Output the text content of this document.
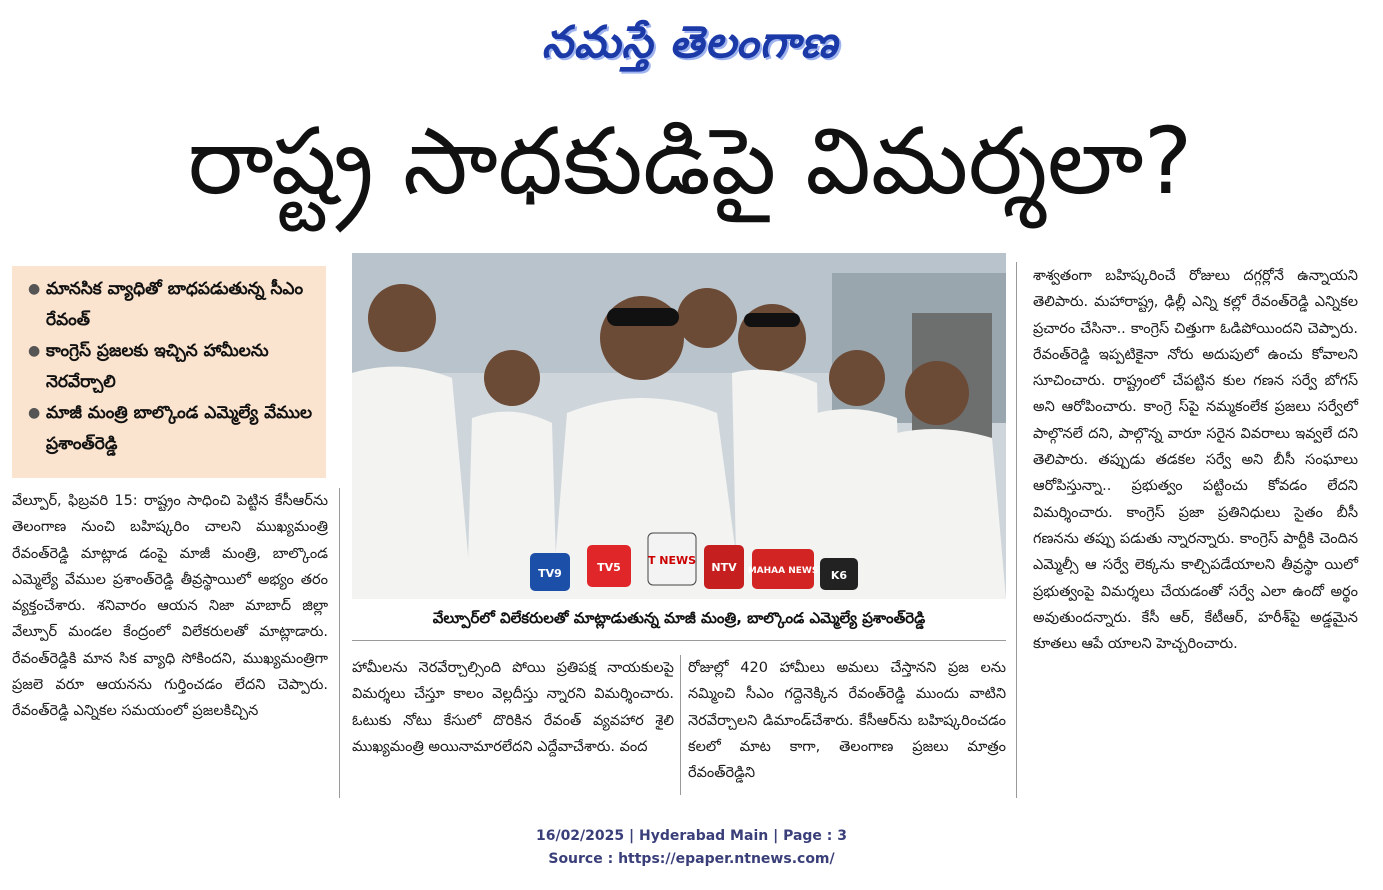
నమస్తే తెలంగాణ
రాష్ట్ర సాధకుడిపై విమర్శలా?
● మానసిక వ్యాధితో బాధపడుతున్న సీఎం రేవంత్
● కాంగ్రెస్ ప్రజలకు ఇచ్చిన హామీలను నెరవేర్చాలి
● మాజీ మంత్రి బాల్కొండ ఎమ్మెల్యే వేముల ప్రశాంత్‌రెడ్డి

వేల్పూర్, ఫిబ్రవరి 15: రాష్ట్రం సాధించి పెట్టిన కేసీఆర్‌ను తెలంగాణ నుంచి బహిష్కరిం చాలని ముఖ్యమంత్రి రేవంత్‌రెడ్డి మాట్లాడ డంపై మాజీ మంత్రి, బాల్కొండ ఎమ్మెల్యే వేముల ప్రశాంత్‌రెడ్డి తీవ్రస్థాయిలో అభ్యం తరం వ్యక్తంచేశారు. శనివారం ఆయన నిజా మాబాద్ జిల్లా వేల్పూర్ మండల కేంద్రంలో విలేకరులతో మాట్లాడారు. రేవంత్‌రెడ్డికి మాన సిక వ్యాధి సోకిందని, ముఖ్యమంత్రిగా ప్రజలె వరూ ఆయనను గుర్తించడం లేదని చెప్పారు. రేవంత్‌రెడ్డి ఎన్నికల సమయంలో ప్రజలకిచ్చిన

TV9	TV5
T NEWS
NTV MAHAA NEWS K6
వేల్పూర్‌లో విలేకరులతో మాట్లాడుతున్న మాజీ మంత్రి, బాల్కొండ ఎమ్మెల్యే ప్రశాంత్‌రెడ్డి

హామీలను నెరవేర్చాల్సింది పోయి ప్రతిపక్ష నాయకులపై విమర్శలు చేస్తూ కాలం వెల్లదీస్తు న్నారని విమర్శించారు. ఓటుకు నోటు కేసులో దొరికిన రేవంత్ వ్యవహార శైలి ముఖ్యమంత్రి అయినామారలేదని ఎద్దేవాచేశారు. వంద

రోజుల్లో 420 హామీలు అమలు చేస్తానని ప్రజ లను నమ్మించి సీఎం గద్దెనెక్కిన రేవంత్‌రెడ్డి ముందు వాటిని నెరవేర్చాలని డిమాండ్‌చేశారు. కేసీఆర్‌ను బహిష్కరించడం కలలో మాట కాగా, తెలంగాణ ప్రజలు మాత్రం రేవంత్‌రెడ్డిని

శాశ్వతంగా బహిష్కరించే రోజులు దగ్గర్లోనే ఉన్నాయని తెలిపారు. మహారాష్ట్ర, ఢిల్లీ ఎన్ని కల్లో రేవంత్‌రెడ్డి ఎన్నికల ప్రచారం చేసినా.. కాంగ్రెస్ చిత్తుగా ఓడిపోయిందని చెప్పారు. రేవంత్‌రెడ్డి ఇప్పటికైనా నోరు అదుపులో ఉంచు కోవాలని సూచించారు. రాష్ట్రంలో చేపట్టిన కుల గణన సర్వే బోగస్ అని ఆరోపించారు. కాంగ్రె స్‌పై నమ్మకంలేక ప్రజలు సర్వేలో పాల్గొనలే దని, పాల్గొన్న వారూ సరైన వివరాలు ఇవ్వలే దని తెలిపారు. తప్పుడు తడకల సర్వే అని బీసీ సంఘాలు ఆరోపిస్తున్నా.. ప్రభుత్వం పట్టించు కోవడం లేదని విమర్శించారు. కాంగ్రెస్ ప్రజా ప్రతినిధులు సైతం బీసీ గణనను తప్పు పడుతు న్నారన్నారు. కాంగ్రెస్ పార్టీకి చెందిన ఎమ్మెల్సీ ఆ సర్వే లెక్కను కాల్చిపడేయాలని తీవ్రస్థా యిలో ప్రభుత్వంపై విమర్శలు చేయడంతో సర్వే ఎలా ఉందో అర్థం అవుతుందన్నారు. కేసీ ఆర్, కేటీఆర్, హరీశ్‌పై అడ్డమైన కూతలు ఆపే యాలని హెచ్చరించారు.

16/02/2025 | Hyderabad Main | Page : 3
Source : https://epaper.ntnews.com/
